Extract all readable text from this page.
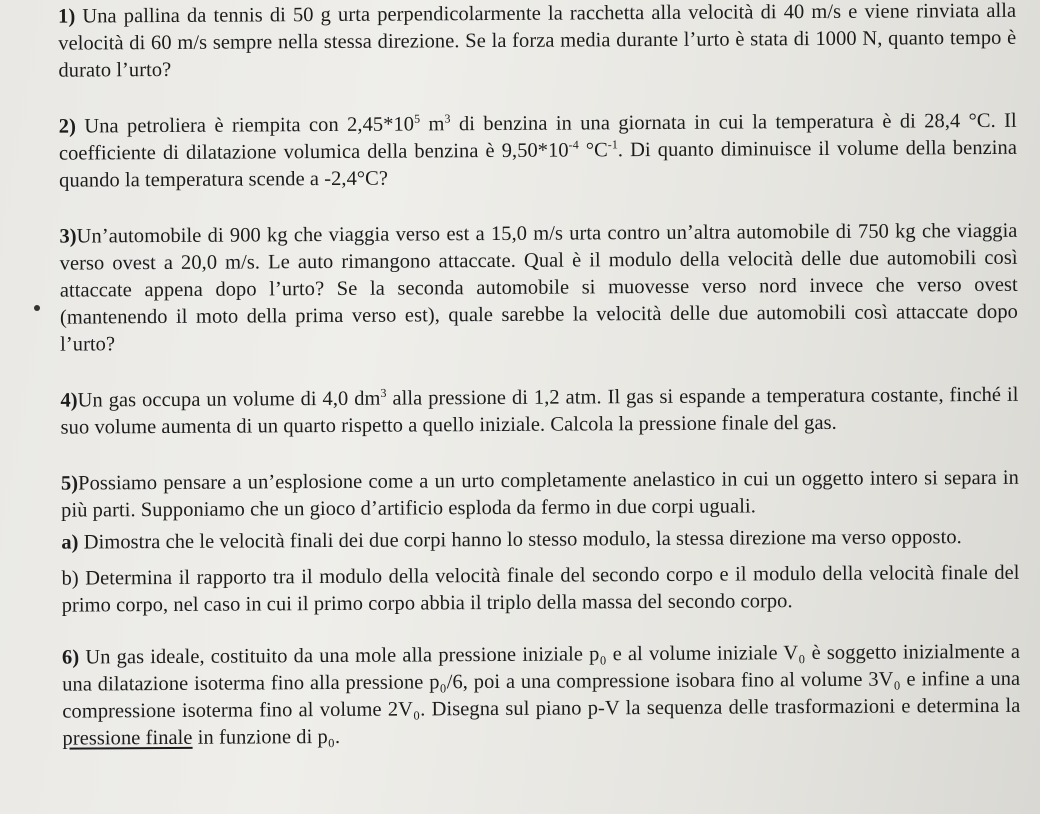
1) Una pallina da tennis di 50 g urta perpendicolarmente la racchetta alla velocità di 40 m/s e viene rinviata alla velocità di 60 m/s sempre nella stessa direzione. Se la forza media durante l’urto è stata di 1000 N, quanto tempo è durato l’urto?

2) Una petroliera è riempita con $2,45*10^5$ $m^3$ di benzina in una giornata in cui la temperatura è di 28,4 °C. Il coefficiente di dilatazione volumica della benzina è $9,50*10^{-4}$ $^\circ C^{-1}$. Di quanto diminuisce il volume della benzina quando la temperatura scende a -2,4°C?

3)Un’automobile di 900 kg che viaggia verso est a 15,0 m/s urta contro un’altra automobile di 750 kg che viaggia verso ovest a 20,0 m/s. Le auto rimangono attaccate. Qual è il modulo della velocità delle due automobili così attaccate appena dopo l’urto? Se la seconda automobile si muovesse verso nord invece che verso ovest (mantenendo il moto della prima verso est), quale sarebbe la velocità delle due automobili così attaccate dopo l’urto?

4)Un gas occupa un volume di 4,0 $dm^3$ alla pressione di 1,2 atm. Il gas si espande a temperatura costante, finché il suo volume aumenta di un quarto rispetto a quello iniziale. Calcola la pressione finale del gas.

5)Possiamo pensare a un’esplosione come a un urto completamente anelastico in cui un oggetto intero si separa in più parti. Supponiamo che un gioco d’artificio esploda da fermo in due corpi uguali.

a) Dimostra che le velocità finali dei due corpi hanno lo stesso modulo, la stessa direzione ma verso opposto.

b) Determina il rapporto tra il modulo della velocità finale del secondo corpo e il modulo della velocità finale del primo corpo, nel caso in cui il primo corpo abbia il triplo della massa del secondo corpo.

6) Un gas ideale, costituito da una mole alla pressione iniziale p₀ e al volume iniziale V₀ è soggetto inizialmente a una dilatazione isoterma fino alla pressione p₀/6, poi a una compressione isobara fino al volume 3V₀ e infine a una compressione isoterma fino al volume 2V₀. Disegna sul piano p-V la sequenza delle trasformazioni e determina la pressione finale in funzione di p₀.
